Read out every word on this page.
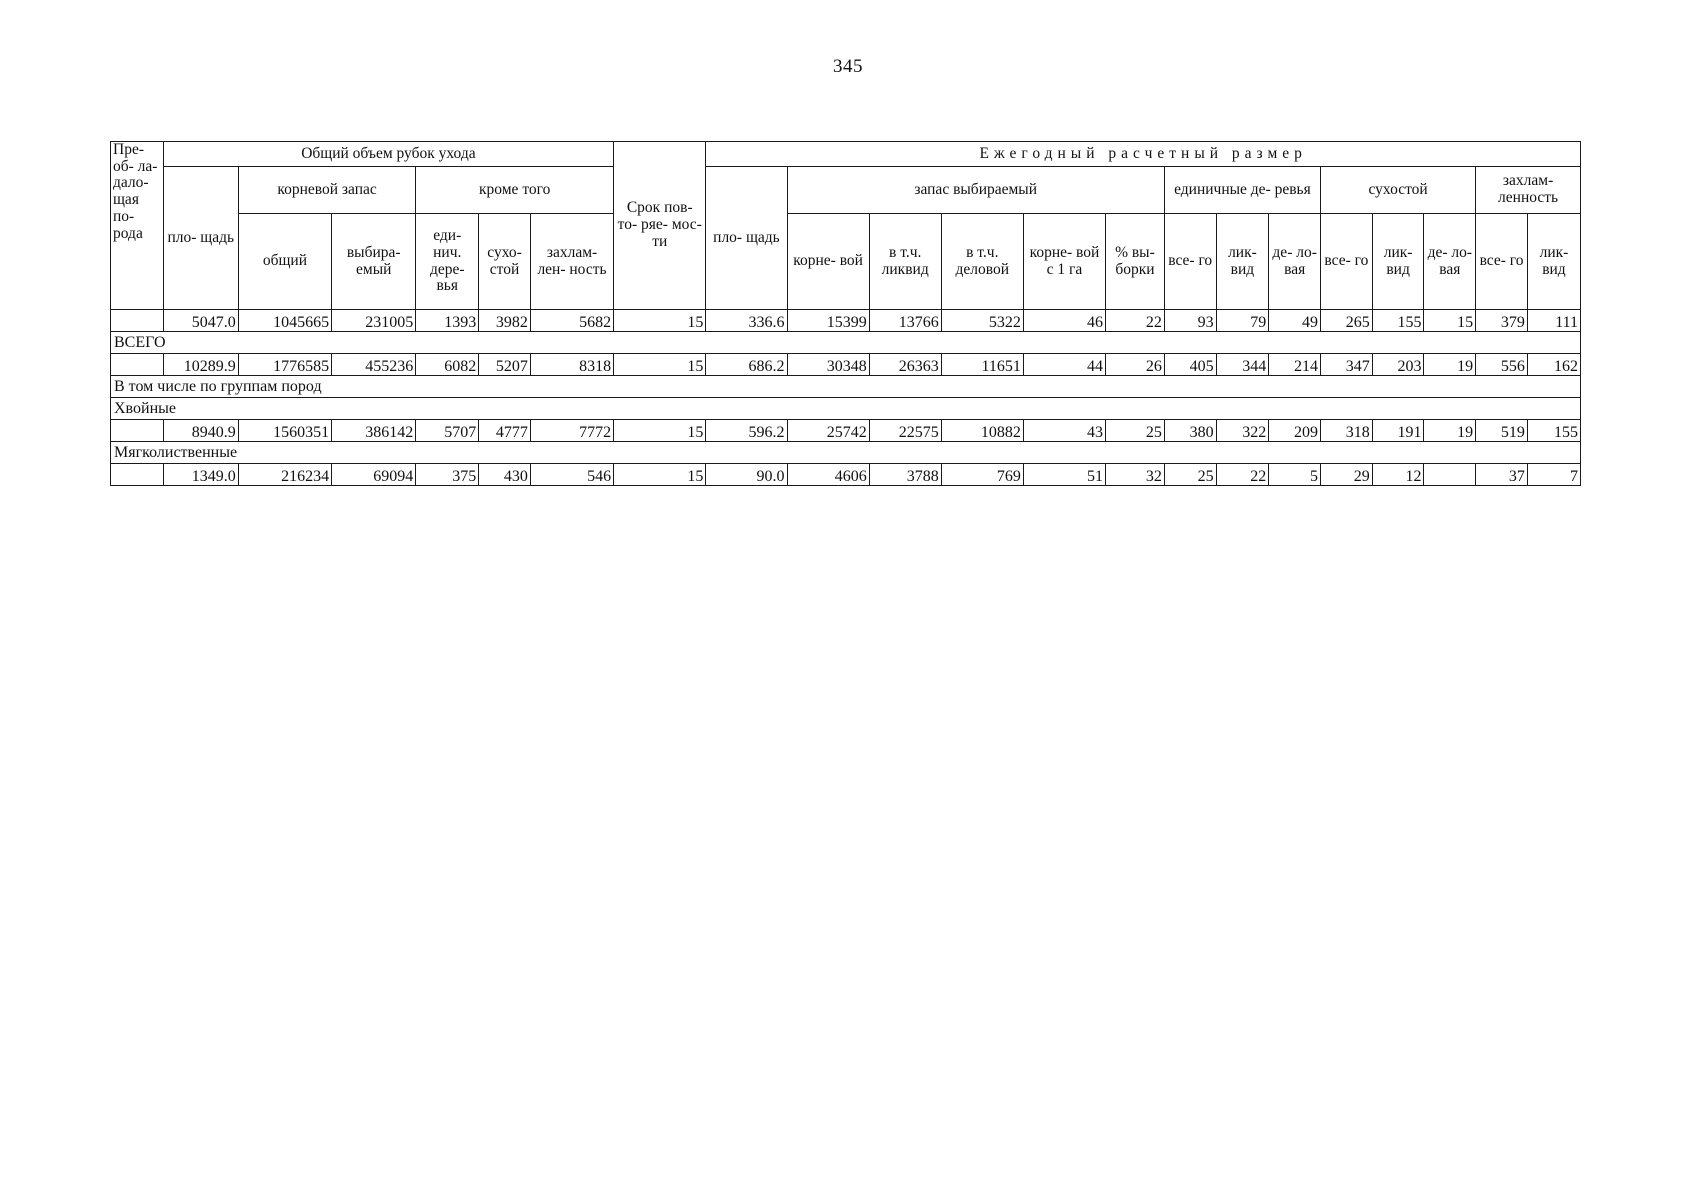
345
Пре- об- ла- дало- щая по- рода	Общий объем рубок ухода						Срок пов- то- ряе- мос- ти	Ежегодный расчетный размер													
	пло- щадь	корневой запас		кроме того				пло- щадь	запас выбираемый					единичные де- ревья			сухостой			захлам- ленность	
		общий	выбира- емый	еди- нич. дере- вья	сухо- стой	захлам- лен- ность			корне- вой	в т.ч. ликвид	в т.ч. деловой	корне- вой с 1 га	% вы- борки	все- го	лик- вид	де- ло- вая	все- го	лик- вид	де- ло- вая	все- го	лик- вид
	5047.0	1045665	231005	1393	3982	5682	15	336.6	15399	13766	5322	46	22	93	79	49	265	155	15	379	111
ВСЕГО																					
	10289.9	1776585	455236	6082	5207	8318	15	686.2	30348	26363	11651	44	26	405	344	214	347	203	19	556	162
В том числе по группам пород																					
Хвойные																					
	8940.9	1560351	386142	5707	4777	7772	15	596.2	25742	22575	10882	43	25	380	322	209	318	191	19	519	155
Мягколиственные																					
	1349.0	216234	69094	375	430	546	15	90.0	4606	3788	769	51	32	25	22	5	29	12		37	7
